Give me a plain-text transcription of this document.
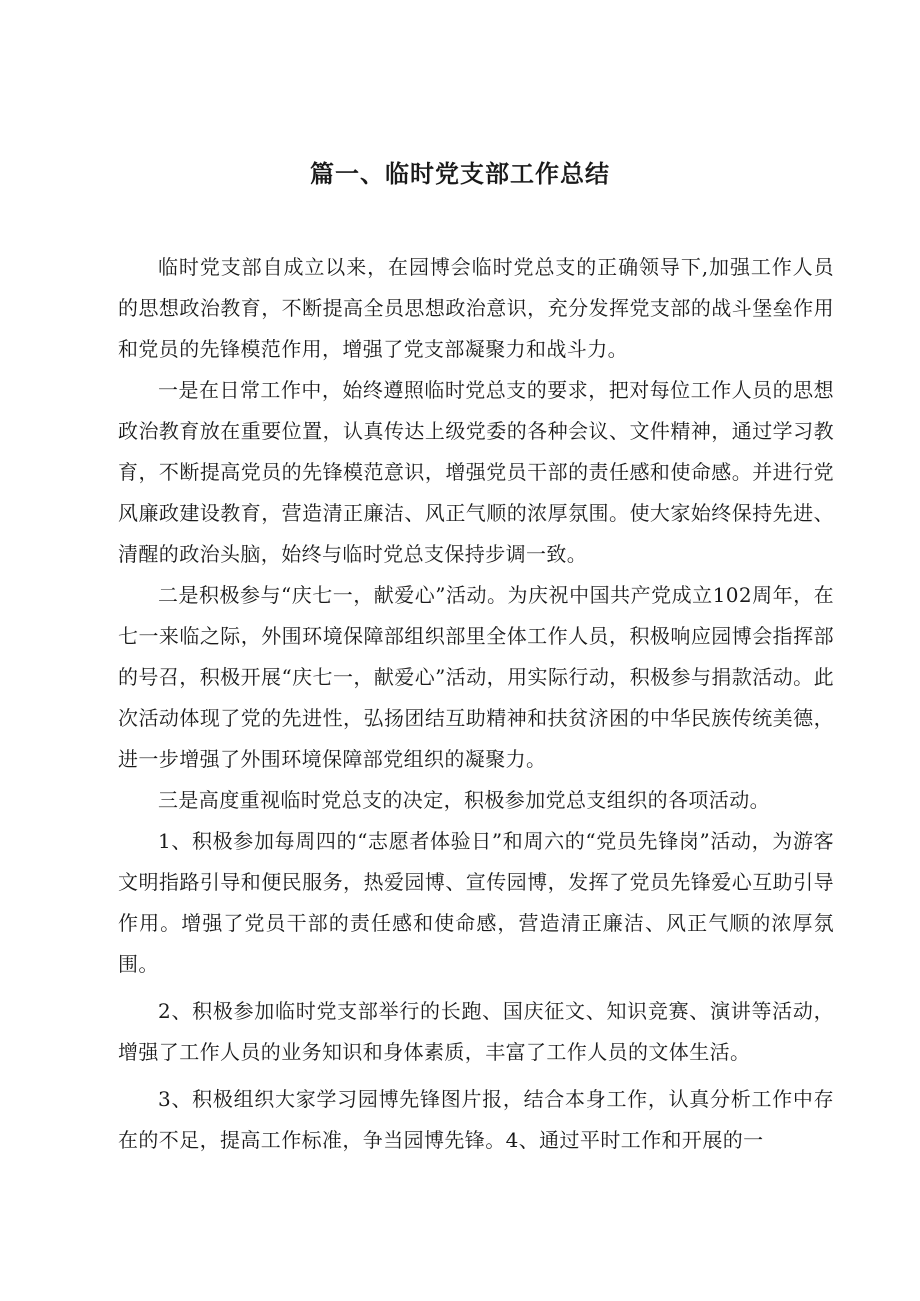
篇一、临时党支部工作总结

临时党支部自成立以来，在园博会临时党总支的正确领导下,加强工作人员的思想政治教育，不断提高全员思想政治意识，充分发挥党支部的战斗堡垒作用和党员的先锋模范作用，增强了党支部凝聚力和战斗力。

一是在日常工作中，始终遵照临时党总支的要求，把对每位工作人员的思想政治教育放在重要位置，认真传达上级党委的各种会议、文件精神，通过学习教育，不断提高党员的先锋模范意识，增强党员干部的责任感和使命感。并进行党风廉政建设教育，营造清正廉洁、风正气顺的浓厚氛围。使大家始终保持先进、清醒的政治头脑，始终与临时党总支保持步调一致。

二是积极参与“庆七一，献爱心”活动。为庆祝中国共产党成立102周年，在七一来临之际，外围环境保障部组织部里全体工作人员，积极响应园博会指挥部的号召，积极开展“庆七一，献爱心”活动，用实际行动，积极参与捐款活动。此次活动体现了党的先进性，弘扬团结互助精神和扶贫济困的中华民族传统美德，进一步增强了外围环境保障部党组织的凝聚力。

三是高度重视临时党总支的决定，积极参加党总支组织的各项活动。

1、积极参加每周四的“志愿者体验日”和周六的“党员先锋岗”活动，为游客文明指路引导和便民服务，热爱园博、宣传园博，发挥了党员先锋爱心互助引导作用。增强了党员干部的责任感和使命感，营造清正廉洁、风正气顺的浓厚氛围。

2、积极参加临时党支部举行的长跑、国庆征文、知识竞赛、演讲等活动，增强了工作人员的业务知识和身体素质，丰富了工作人员的文体生活。

3、积极组织大家学习园博先锋图片报，结合本身工作，认真分析工作中存在的不足，提高工作标准，争当园博先锋。4、通过平时工作和开展的一
